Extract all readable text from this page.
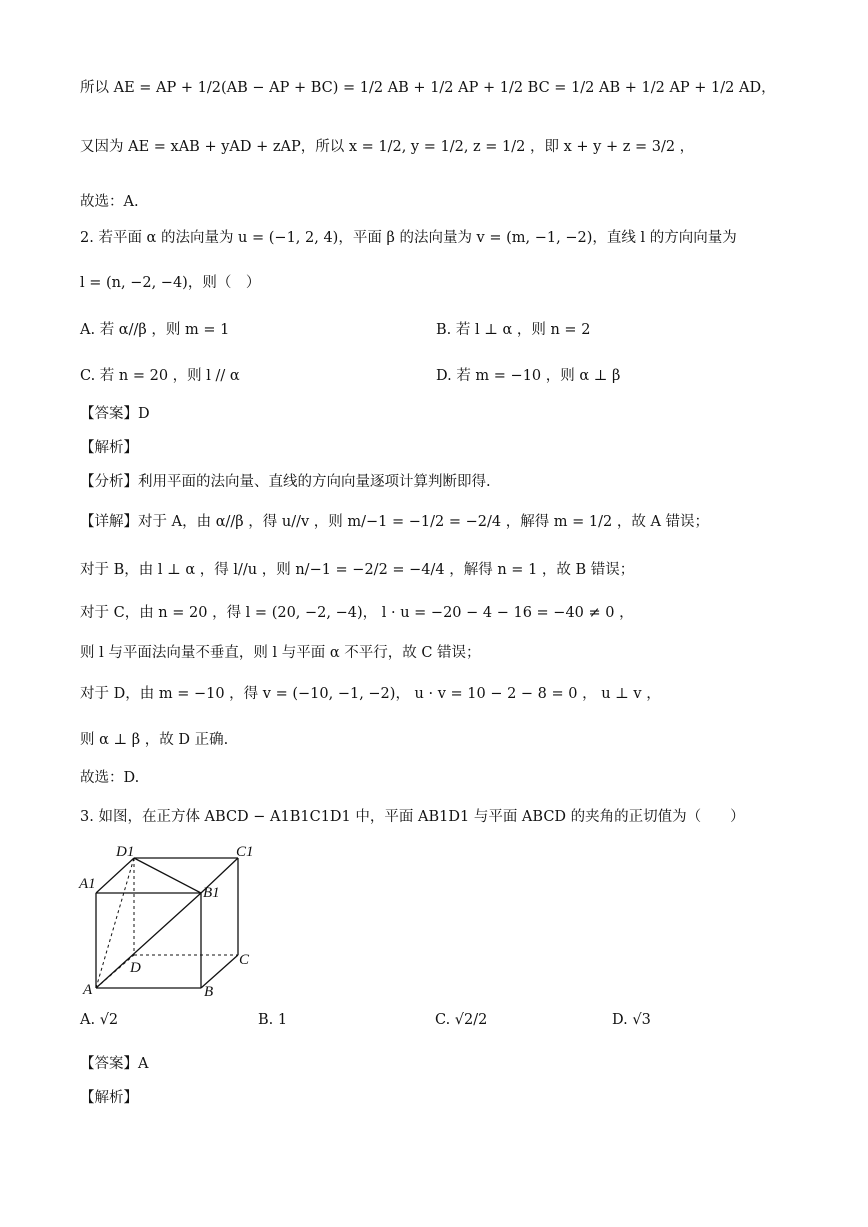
所以 AE = AP + 1/2(AB − AP + BC) = 1/2 AB + 1/2 AP + 1/2 BC = 1/2 AB + 1/2 AP + 1/2 AD，
又因为 AE = xAB + yAD + zAP，所以 x = 1/2, y = 1/2, z = 1/2 ，即 x + y + z = 3/2 ，
故选：A.
2. 若平面 α 的法向量为 u = (−1, 2, 4)，平面 β 的法向量为 v = (m, −1, −2)，直线 l 的方向向量为
l = (n, −2, −4)，则（　）
A. 若 α//β ，则 m = 1	B. 若 l ⊥ α ，则 n = 2
C. 若 n = 20 ，则 l // α	D. 若 m = −10 ，则 α ⊥ β
【答案】D
【解析】
【分析】利用平面的法向量、直线的方向向量逐项计算判断即得.
【详解】对于 A，由 α//β ，得 u//v ，则 m/−1 = −1/2 = −2/4 ，解得 m = 1/2 ，故 A 错误；
对于 B，由 l ⊥ α ，得 l//u ，则 n/−1 = −2/2 = −4/4 ，解得 n = 1 ，故 B 错误；
对于 C，由 n = 20 ，得 l = (20, −2, −4)， l · u = −20 − 4 − 16 = −40 ≠ 0 ，
则 l 与平面法向量不垂直，则 l 与平面 α 不平行，故 C 错误；
对于 D，由 m = −10 ，得 v = (−10, −1, −2)， u · v = 10 − 2 − 8 = 0 ， u ⊥ v ，
则 α ⊥ β ，故 D 正确.
故选：D.
3. 如图，在正方体 ABCD − A1B1C1D1 中，平面 AB1D1 与平面 ABCD 的夹角的正切值为（　　）
D1	C1
A1
B1
D	C
A	B
A. √2	B. 1	C. √2/2	D. √3
【答案】A
【解析】
